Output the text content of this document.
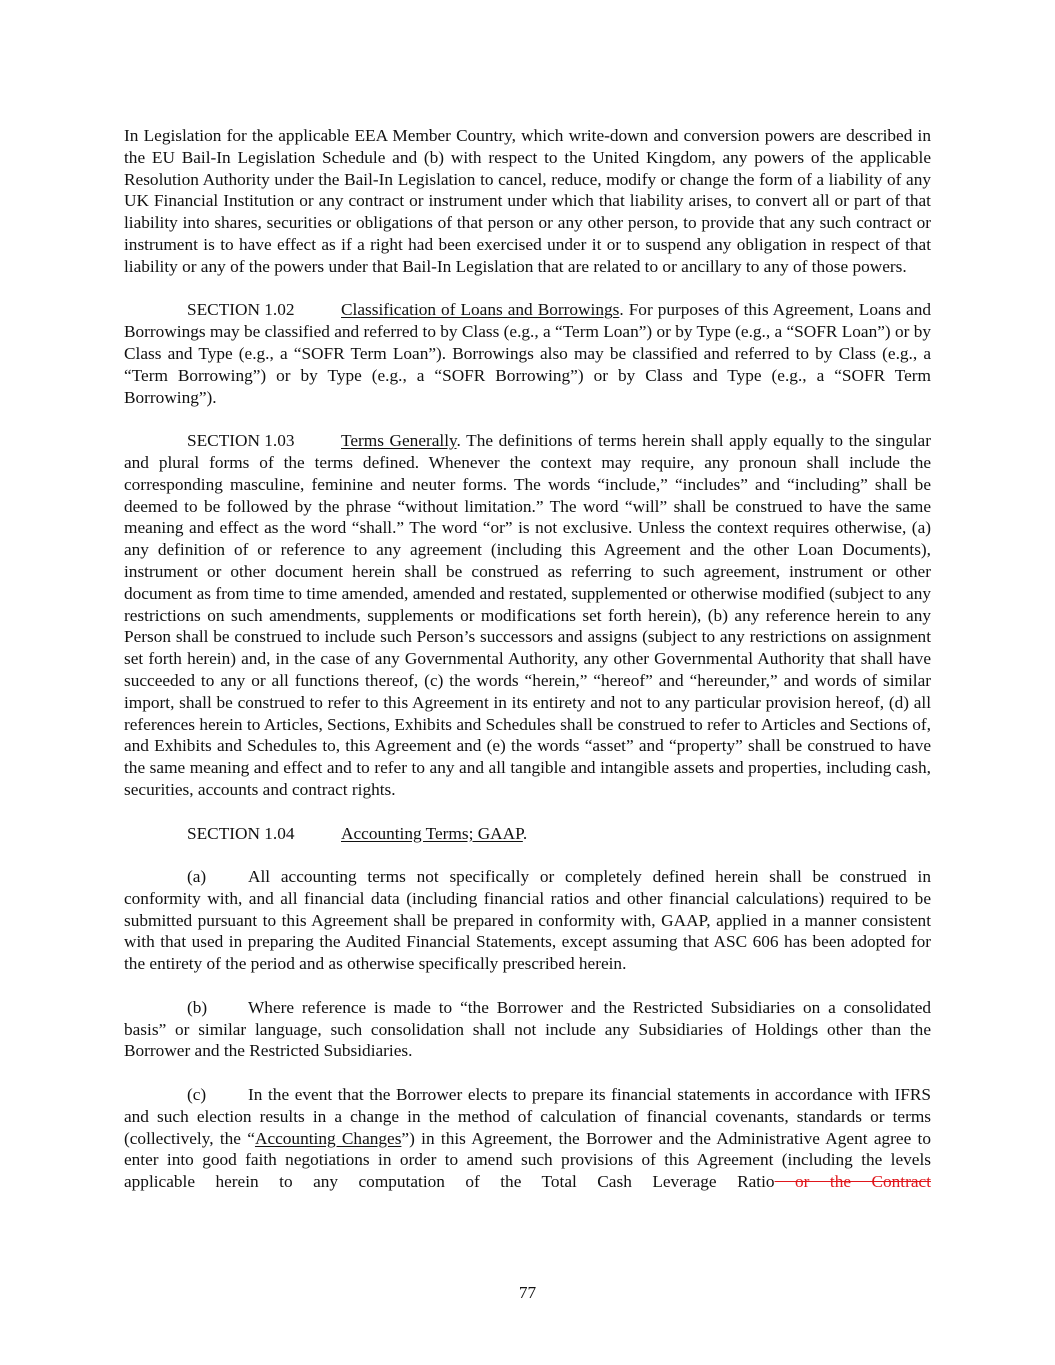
In Legislation for the applicable EEA Member Country, which write-down and conversion powers are described in the EU Bail-In Legislation Schedule and (b) with respect to the United Kingdom, any powers of the applicable Resolution Authority under the Bail-In Legislation to cancel, reduce, modify or change the form of a liability of any UK Financial Institution or any contract or instrument under which that liability arises, to convert all or part of that liability into shares, securities or obligations of that person or any other person, to provide that any such contract or instrument is to have effect as if a right had been exercised under it or to suspend any obligation in respect of that liability or any of the powers under that Bail-In Legislation that are related to or ancillary to any of those powers.

SECTION 1.02	Classification of Loans and Borrowings. For purposes of this Agreement, Loans and Borrowings may be classified and referred to by Class (e.g., a “Term Loan”) or by Type (e.g., a “SOFR Loan”) or by Class and Type (e.g., a “SOFR Term Loan”). Borrowings also may be classified and referred to by Class (e.g., a “Term Borrowing”) or by Type (e.g., a “SOFR Borrowing”) or by Class and Type (e.g., a “SOFR Term Borrowing”).

SECTION 1.03	Terms Generally. The definitions of terms herein shall apply equally to the singular and plural forms of the terms defined. Whenever the context may require, any pronoun shall include the corresponding masculine, feminine and neuter forms. The words “include,” “includes” and “including” shall be deemed to be followed by the phrase “without limitation.” The word “will” shall be construed to have the same meaning and effect as the word “shall.” The word “or” is not exclusive. Unless the context requires otherwise, (a) any definition of or reference to any agreement (including this Agreement and the other Loan Documents), instrument or other document herein shall be construed as referring to such agreement, instrument or other document as from time to time amended, amended and restated, supplemented or otherwise modified (subject to any restrictions on such amendments, supplements or modifications set forth herein), (b) any reference herein to any Person shall be construed to include such Person’s successors and assigns (subject to any restrictions on assignment set forth herein) and, in the case of any Governmental Authority, any other Governmental Authority that shall have succeeded to any or all functions thereof, (c) the words “herein,” “hereof” and “hereunder,” and words of similar import, shall be construed to refer to this Agreement in its entirety and not to any particular provision hereof, (d) all references herein to Articles, Sections, Exhibits and Schedules shall be construed to refer to Articles and Sections of, and Exhibits and Schedules to, this Agreement and (e) the words “asset” and “property” shall be construed to have the same meaning and effect and to refer to any and all tangible and intangible assets and properties, including cash, securities, accounts and contract rights.

SECTION 1.04	Accounting Terms; GAAP.

(a) All accounting terms not specifically or completely defined herein shall be construed in conformity with, and all financial data (including financial ratios and other financial calculations) required to be submitted pursuant to this Agreement shall be prepared in conformity with, GAAP, applied in a manner consistent with that used in preparing the Audited Financial Statements, except assuming that ASC 606 has been adopted for the entirety of the period and as otherwise specifically prescribed herein.

(b) Where reference is made to “the Borrower and the Restricted Subsidiaries on a consolidated basis” or similar language, such consolidation shall not include any Subsidiaries of Holdings other than the Borrower and the Restricted Subsidiaries.

(c) In the event that the Borrower elects to prepare its financial statements in accordance with IFRS and such election results in a change in the method of calculation of financial covenants, standards or terms (collectively, the “Accounting Changes”) in this Agreement, the Borrower and the Administrative Agent agree to enter into good faith negotiations in order to amend such provisions of this Agreement (including the levels applicable herein to any computation of the Total Cash Leverage Ratio or the Contract

77
